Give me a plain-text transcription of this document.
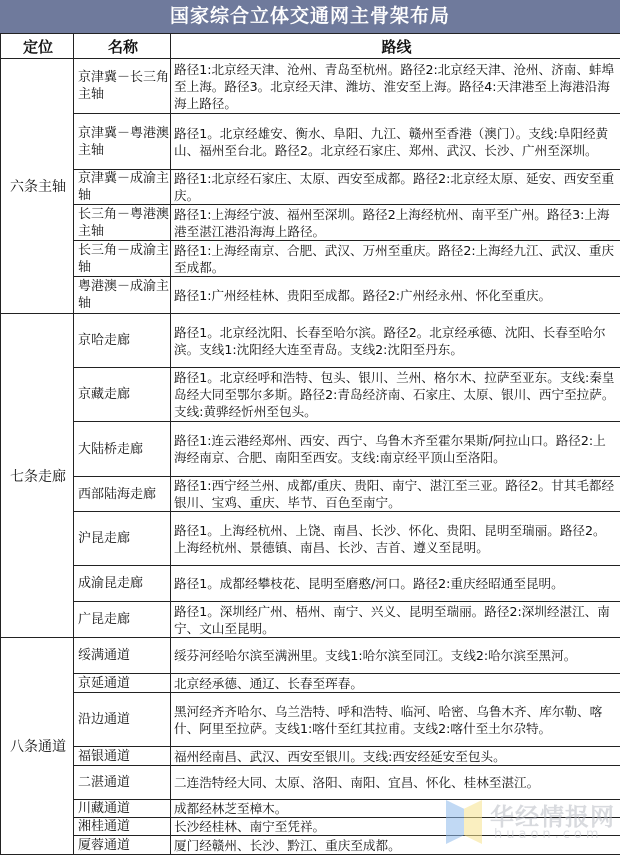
国家综合立体交通网主骨架布局
定位	名称	路线
六条主轴	京津冀－长三角主轴	路径1:北京经天津、沧州、青岛至杭州。路径2:北京经天津、沧州、济南、蚌埠至上海。路径3。北京经天津、潍坊、淮安至上海。路径4:天津港至上海港沿海海上路径。
	京津冀－粤港澳主轴	路径1。北京经雄安、衡水、阜阳、九江、赣州至香港（澳门）。支线:阜阳经黄山、福州至台北。路径2。北京经石家庄、郑州、武汉、长沙、广州至深圳。
	京津冀－成渝主轴	路径1:北京经石家庄、太原、西安至成都。路径2:北京经太原、延安、西安至重庆。
	长三角－粤港澳主轴	路径1:上海经宁波、福州至深圳。路径2上海经杭州、南平至广州。路径3:上海港至湛江港沿海海上路径。
	长三角－成渝主轴	路径1:上海经南京、合肥、武汉、万州至重庆。路径2:上海经九江、武汉、重庆至成都。
	粤港澳－成渝主轴	路径1:广州经桂林、贵阳至成都。路径2:广州经永州、怀化至重庆。
七条走廊	京哈走廊	路径1。北京经沈阳、长春至哈尔滨。路径2。北京经承德、沈阳、长春至哈尔滨。支线1:沈阳经大连至青岛。支线2:沈阳至丹东。
	京藏走廊	路径1。北京经呼和浩特、包头、银川、兰州、格尔木、拉萨至亚东。支线:秦皇岛经大同至鄂尔多斯。路径2:青岛经济南、石家庄、太原、银川、西宁至拉萨。支线:黄骅经忻州至包头。
	大陆桥走廊	路径1:连云港经郑州、西安、西宁、乌鲁木齐至霍尔果斯/阿拉山口。路径2:上海经南京、合肥、南阳至西安。支线:南京经平顶山至洛阳。
	西部陆海走廊	路径1:西宁经兰州、成都/重庆、贵阳、南宁、湛江至三亚。路径2。甘其毛都经银川、宝鸡、重庆、毕节、百色至南宁。
	沪昆走廊	路径1。上海经杭州、上饶、南昌、长沙、怀化、贵阳、昆明至瑞丽。路径2。上海经杭州、景德镇、南昌、长沙、吉首、遵义至昆明。
	成渝昆走廊	路径1。成都经攀枝花、昆明至磨憨/河口。路径2:重庆经昭通至昆明。
	广昆走廊	路径1。深圳经广州、梧州、南宁、兴义、昆明至瑞丽。路径2:深圳经湛江、南宁、文山至昆明。
八条通道	绥满通道	绥芬河经哈尔滨至满洲里。支线1:哈尔滨至同江。支线2:哈尔滨至黑河。
	京延通道	北京经承德、通辽、长春至珲春。
	沿边通道	黑河经齐齐哈尔、乌兰浩特、呼和浩特、临河、哈密、乌鲁木齐、库尔勒、喀什、阿里至拉萨。支线1:喀什至红其拉甫。支线2:喀什至土尔尕特。
	福银通道	福州经南昌、武汉、西安至银川。支线:西安经延安至包头。
	二湛通道	二连浩特经大同、太原、洛阳、南阳、宜昌、怀化、桂林至湛江。
	川藏通道	成都经林芝至樟木。
	湘桂通道	长沙经桂林、南宁至凭祥。
	厦蓉通道	厦门经赣州、长沙、黔江、重庆至成都。
华经情报网
huaon.com
